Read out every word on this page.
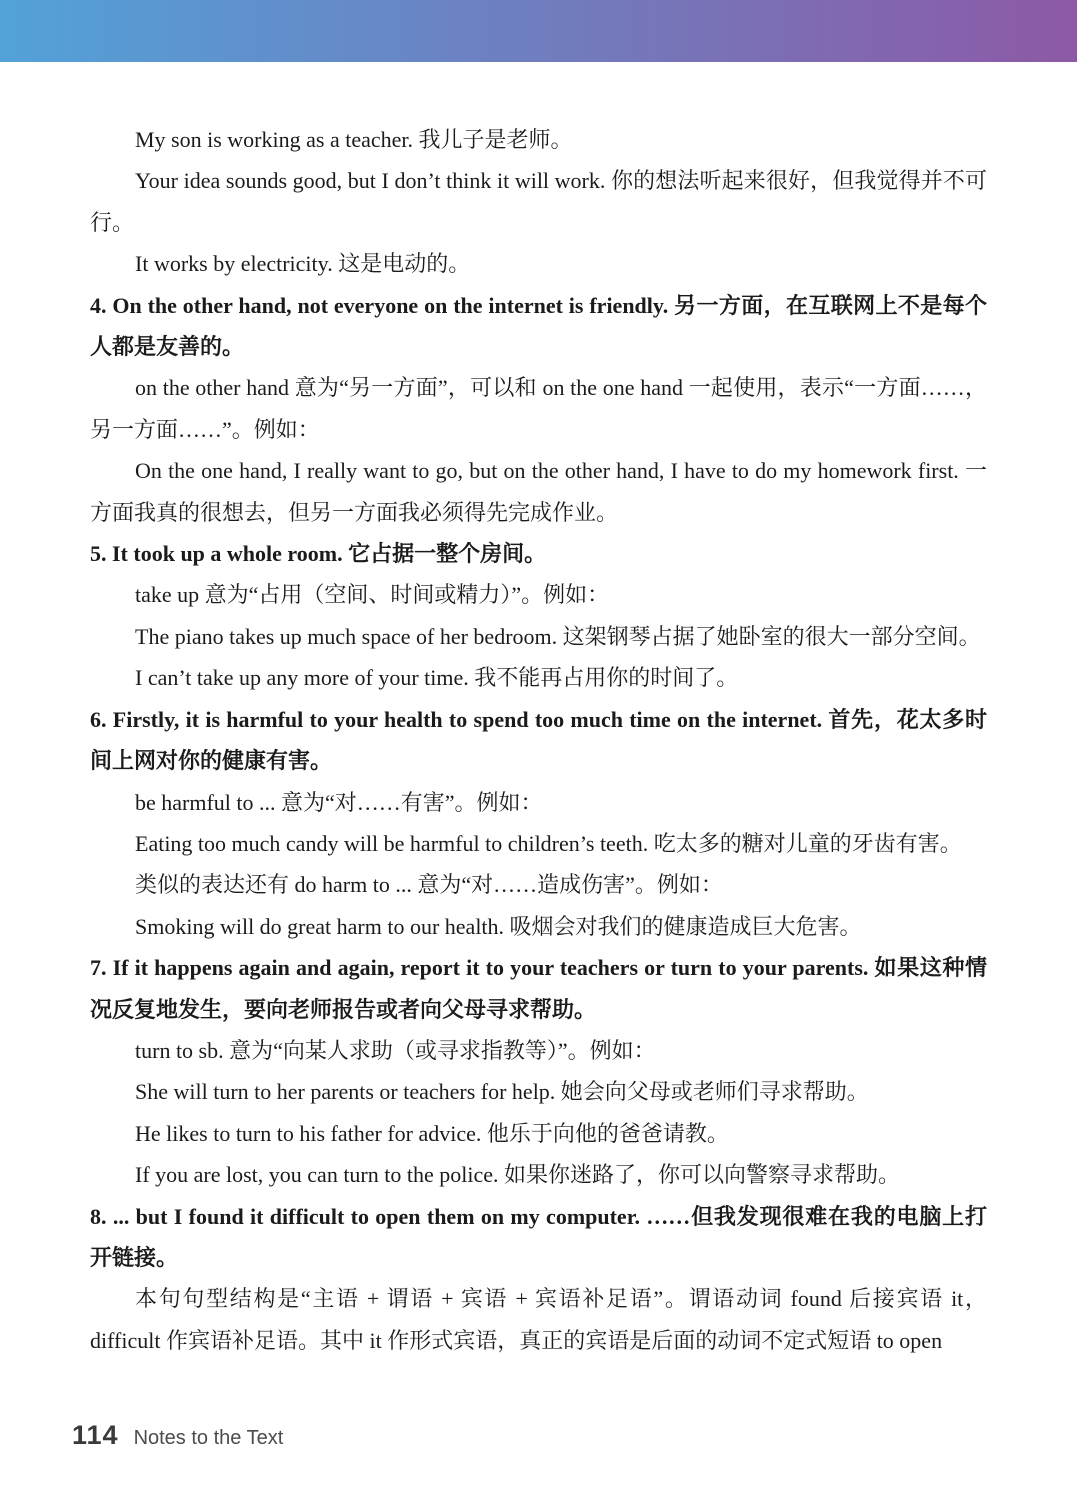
My son is working as a teacher. 我儿子是老师。

Your idea sounds good, but I don’t think it will work. 你的想法听起来很好，但我觉得并不可行。

It works by electricity. 这是电动的。

4. On the other hand, not everyone on the internet is friendly. 另一方面，在互联网上不是每个人都是友善的。

on the other hand 意为“另一方面”，可以和 on the one hand 一起使用，表示“一方面……，另一方面……”。例如：

On the one hand, I really want to go, but on the other hand, I have to do my homework first. 一方面我真的很想去，但另一方面我必须得先完成作业。

5. It took up a whole room. 它占据一整个房间。

take up 意为“占用（空间、时间或精力）”。例如：

The piano takes up much space of her bedroom. 这架钢琴占据了她卧室的很大一部分空间。

I can’t take up any more of your time. 我不能再占用你的时间了。

6. Firstly, it is harmful to your health to spend too much time on the internet. 首先，花太多时间上网对你的健康有害。

be harmful to ... 意为“对……有害”。例如：

Eating too much candy will be harmful to children’s teeth. 吃太多的糖对儿童的牙齿有害。

类似的表达还有 do harm to ... 意为“对……造成伤害”。例如：

Smoking will do great harm to our health. 吸烟会对我们的健康造成巨大危害。

7. If it happens again and again, report it to your teachers or turn to your parents. 如果这种情况反复地发生，要向老师报告或者向父母寻求帮助。

turn to sb. 意为“向某人求助（或寻求指教等）”。例如：

She will turn to her parents or teachers for help. 她会向父母或老师们寻求帮助。

He likes to turn to his father for advice. 他乐于向他的爸爸请教。

If you are lost, you can turn to the police. 如果你迷路了，你可以向警察寻求帮助。

8. ... but I found it difficult to open them on my computer. ……但我发现很难在我的电脑上打开链接。

本句句型结构是“主语 + 谓语 + 宾语 + 宾语补足语”。谓语动词 found 后接宾语 it，difficult 作宾语补足语。其中 it 作形式宾语，真正的宾语是后面的动词不定式短语 to open

114 Notes to the Text
